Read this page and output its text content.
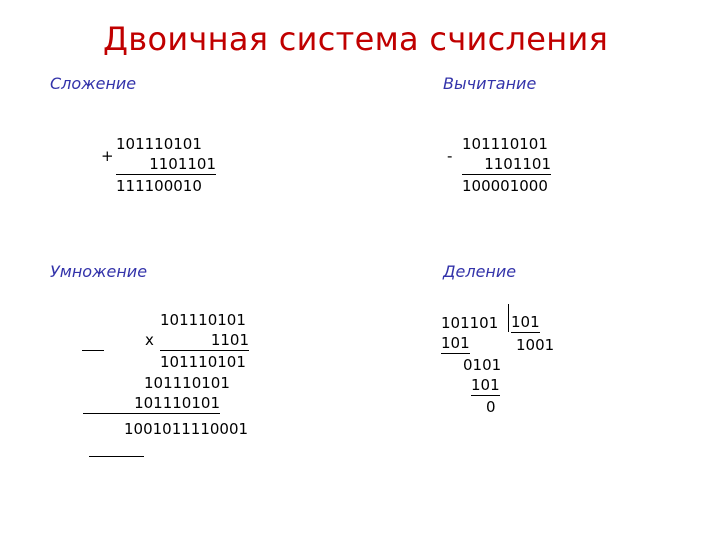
Двоичная система счисления
Сложение
+
101110101
1101101
111100010
Вычитание
-
101110101
1101101
100001000
Умножение
101110101
x	1101
101110101
101110101
101110101
1001011110001
Деление
101101 101
1001
101
0101
101
0
